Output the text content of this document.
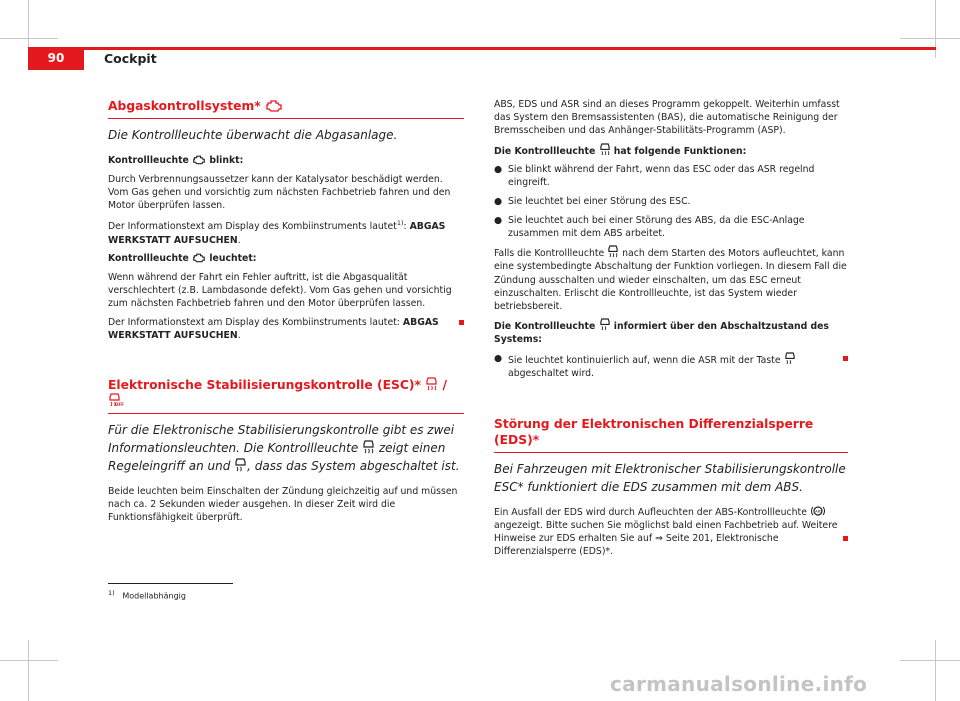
90	Cockpit
Abgaskontrollsystem*
Die Kontrollleuchte überwacht die Abgasanlage.

Kontrollleuchte blinkt:

Durch Verbrennungsaussetzer kann der Katalysator beschädigt werden. Vom Gas gehen und vorsichtig zum nächsten Fachbetrieb fahren und den Motor überprüfen lassen.

Der Informationstext am Display des Kombiinstruments lautet$^{1)}$: ABGAS WERKSTATT AUFSUCHEN.

Kontrollleuchte leuchtet:

Wenn während der Fahrt ein Fehler auftritt, ist die Abgasqualität verschlechtert (z.B. Lambdasonde defekt). Vom Gas gehen und vorsichtig zum nächsten Fachbetrieb fahren und den Motor überprüfen lassen.

Der Informationstext am Display des Kombiinstruments lautet: ABGAS WERKSTATT AUFSUCHEN.

Elektronische Stabilisierungskontrolle (ESC)* /
OFF
Für die Elektronische Stabilisierungskontrolle gibt es zwei Informationsleuchten. Die Kontrollleuchte zeigt einen Regeleingriff an und , dass das System abgeschaltet ist.

Beide leuchten beim Einschalten der Zündung gleichzeitig auf und müssen nach ca. 2 Sekunden wieder ausgehen. In dieser Zeit wird die Funktionsfähigkeit überprüft.

ABS, EDS und ASR sind an dieses Programm gekoppelt. Weiterhin umfasst das System den Bremsassistenten (BAS), die automatische Reinigung der Bremsscheiben und das Anhänger-Stabilitäts-Programm (ASP).

Die Kontrollleuchte hat folgende Funktionen:

● Sie blinkt während der Fahrt, wenn das ESC oder das ASR regelnd eingreift.
● Sie leuchtet bei einer Störung des ESC.
● Sie leuchtet auch bei einer Störung des ABS, da die ESC-Anlage zusammen mit dem ABS arbeitet.

Falls die Kontrollleuchte nach dem Starten des Motors aufleuchtet, kann eine systembedingte Abschaltung der Funktion vorliegen. In diesem Fall die Zündung ausschalten und wieder einschalten, um das ESC erneut einzuschalten. Erlischt die Kontrollleuchte, ist das System wieder betriebsbereit.

Die Kontrollleuchte informiert über den Abschaltzustand des Systems:

● Sie leuchtet kontinuierlich auf, wenn die ASR mit der Taste  abgeschaltet wird.
Störung der Elektronischen Differenzialsperre (EDS)*
Bei Fahrzeugen mit Elektronischer Stabilisierungskontrolle ESC* funktioniert die EDS zusammen mit dem ABS.

Ein Ausfall der EDS wird durch Aufleuchten der ABS-Kontrollleuchte ABS
angezeigt. Bitte suchen Sie möglichst bald einen Fachbetrieb auf. Weitere Hinweise zur EDS erhalten Sie auf ⇒ Seite 201, Elektronische Differenzialsperre (EDS)*.

$^{1)}$ Modellabhängig
carmanualsonline.info
